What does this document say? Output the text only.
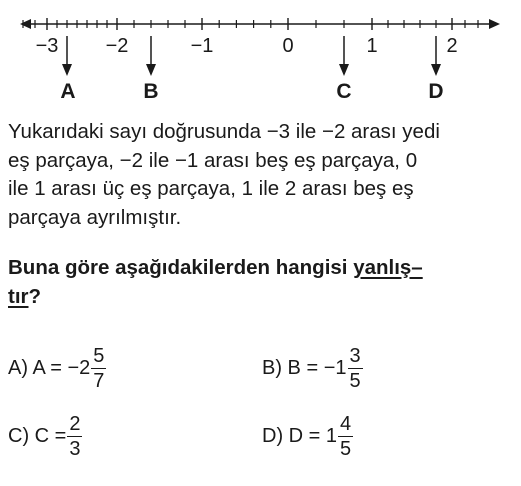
−3 −2	−1	0	1	2
A	B	C	D
Yukarıdaki sayı doğrusunda −3 ile −2 arası yedi
eş parçaya, −2 ile −1 arası beş eş parçaya, 0
ile 1 arası üç eş parçaya, 1 ile 2 arası beş eş
parçaya ayrılmıştır.
Buna göre aşağıdakilerden hangisi yanlış–
tır?
A) $A = -2 \frac{5}{7}$	B) $B = -1 \frac{3}{5}$
C) $C = \frac{2}{3}$	D) $D = 1 \frac{4}{5}$
